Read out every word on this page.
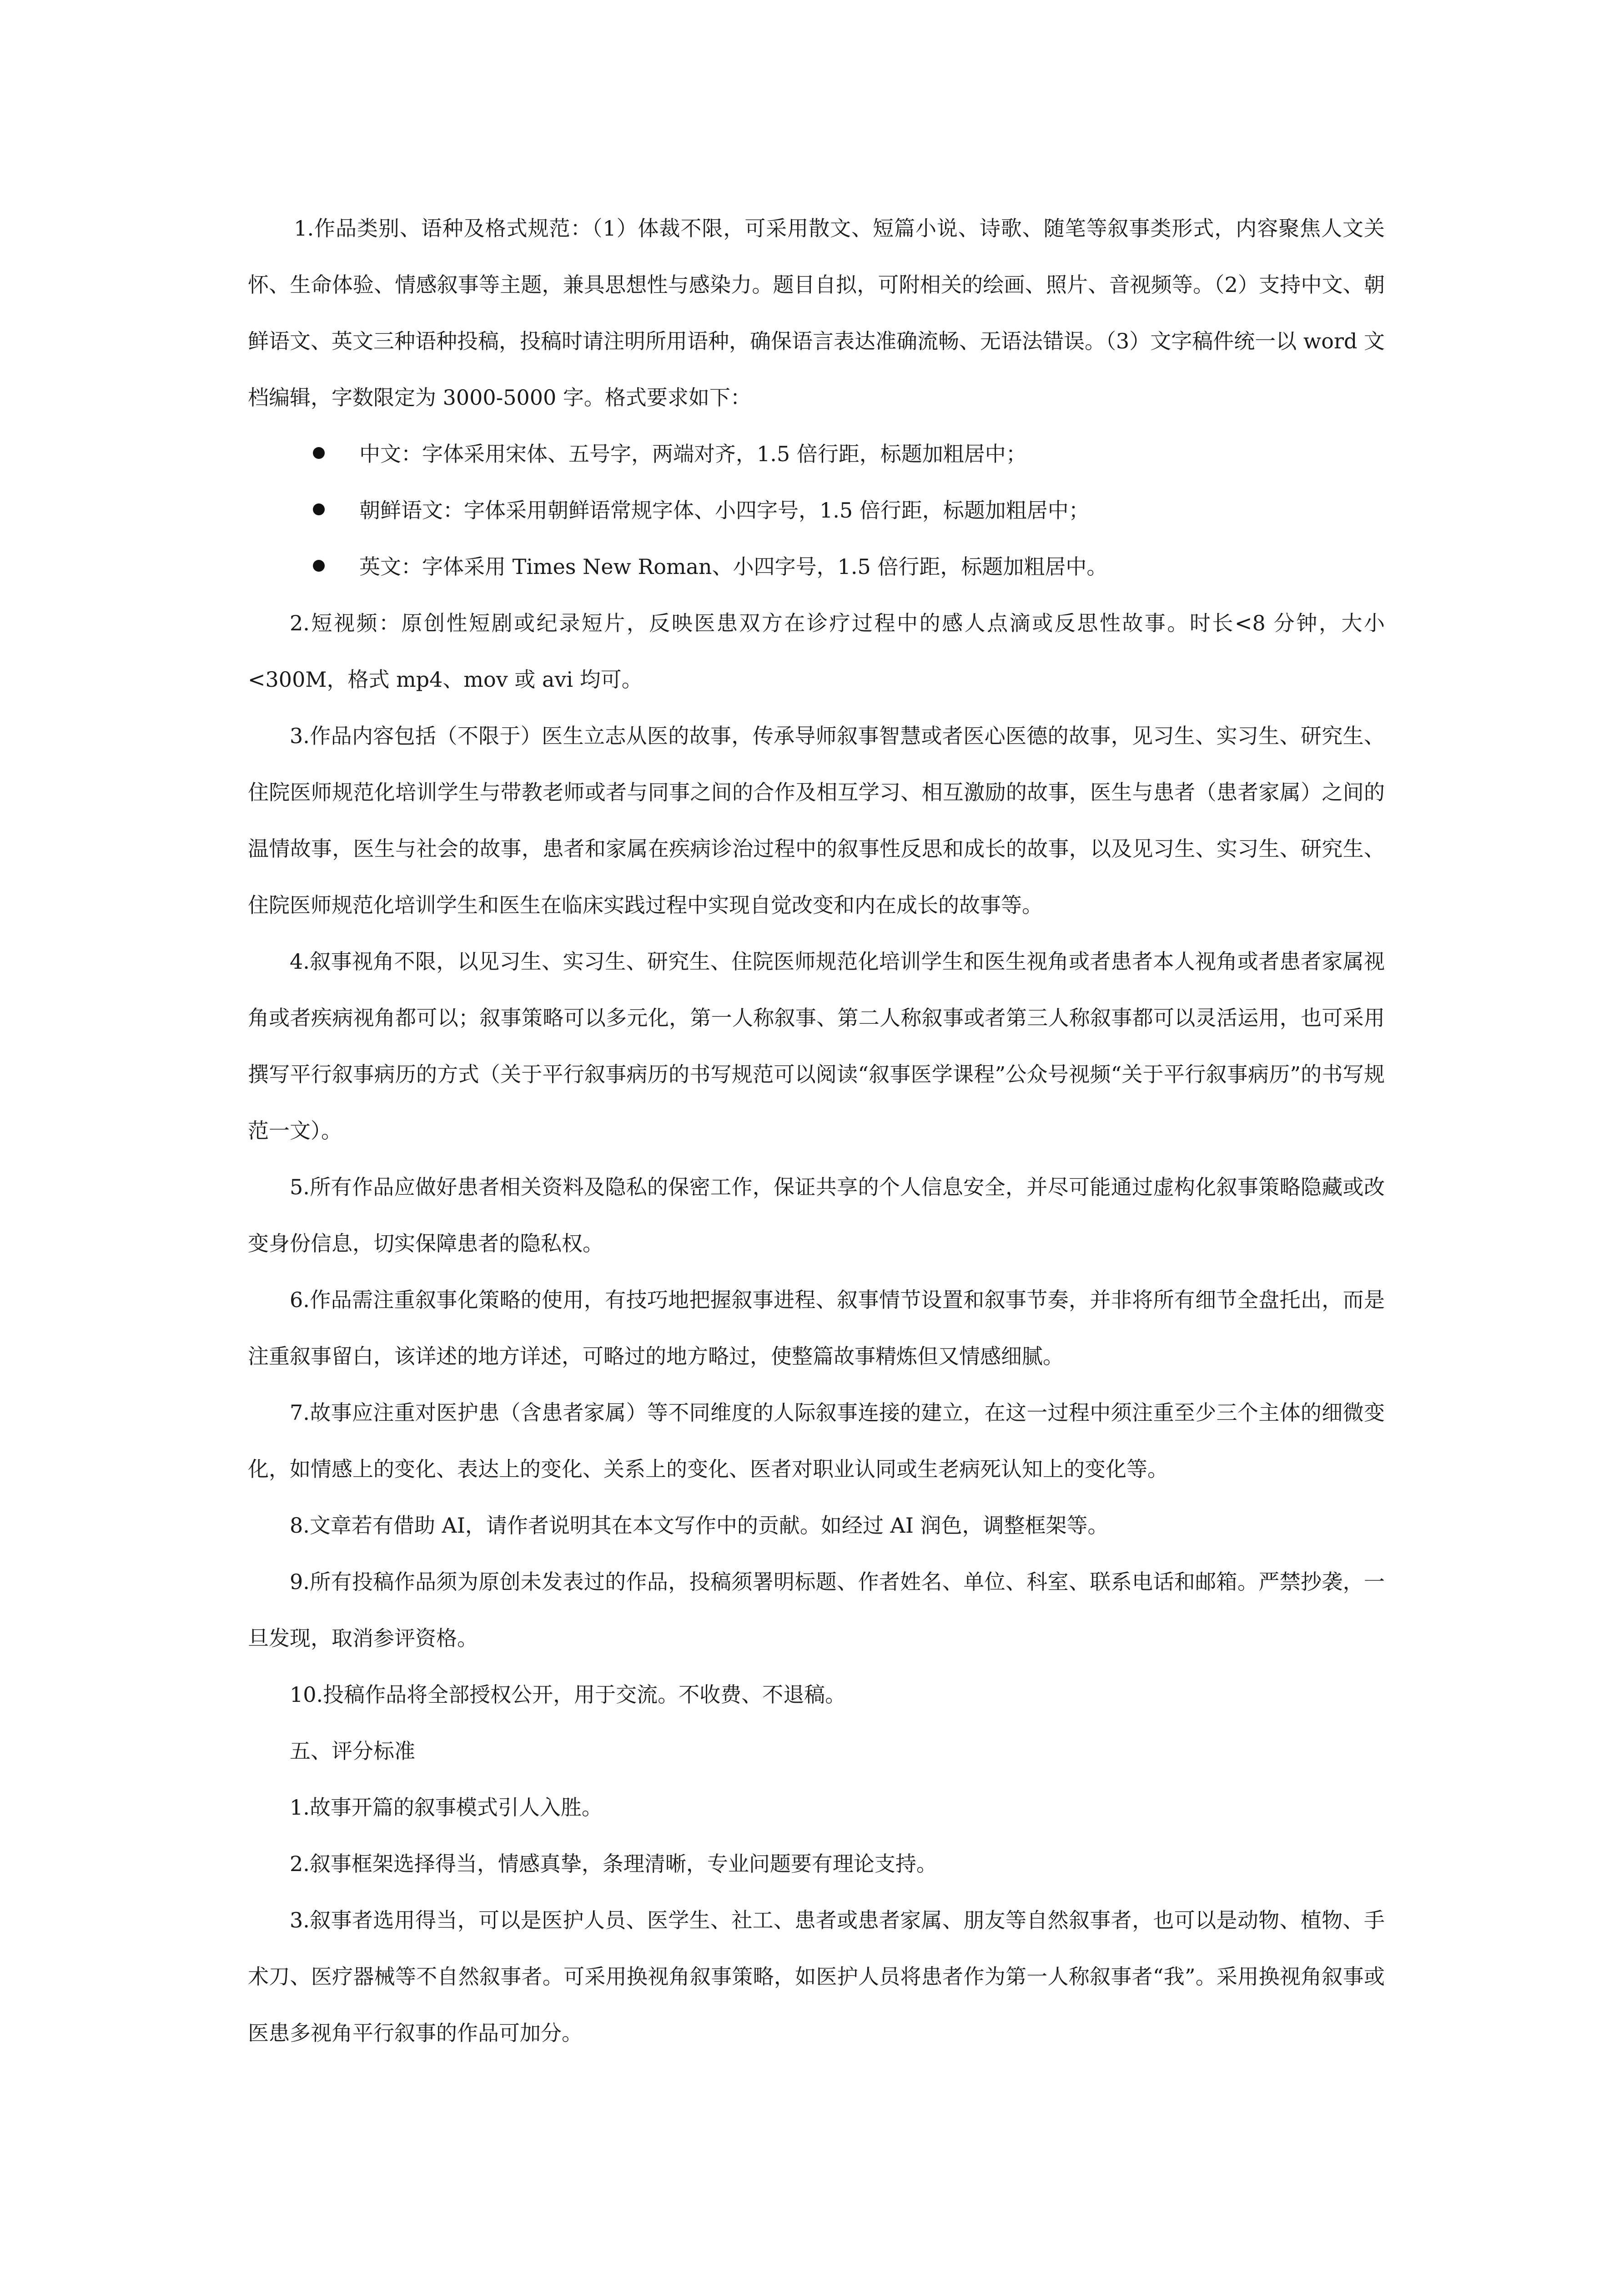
1.作品类别、语种及格式规范：（1）体裁不限，可采用散文、短篇小说、诗歌、随笔等叙事类形式，内容聚焦人文关怀、生命体验、情感叙事等主题，兼具思想性与感染力。题目自拟，可附相关的绘画、照片、音视频等。（2）支持中文、朝鲜语文、英文三种语种投稿，投稿时请注明所用语种，确保语言表达准确流畅、无语法错误。（3）文字稿件统一以 word 文档编辑，字数限定为 3000-5000 字。格式要求如下：

中文：字体采用宋体、五号字，两端对齐，1.5 倍行距，标题加粗居中；
朝鲜语文：字体采用朝鲜语常规字体、小四字号，1.5 倍行距，标题加粗居中；
英文：字体采用 Times New Roman、小四字号，1.5 倍行距，标题加粗居中。

2.短视频：原创性短剧或纪录短片，反映医患双方在诊疗过程中的感人点滴或反思性故事。时长<8 分钟，大小<300M，格式 mp4、mov 或 avi 均可。

3.作品内容包括（不限于）医生立志从医的故事，传承导师叙事智慧或者医心医德的故事，见习生、实习生、研究生、住院医师规范化培训学生与带教老师或者与同事之间的合作及相互学习、相互激励的故事，医生与患者（患者家属）之间的温情故事，医生与社会的故事，患者和家属在疾病诊治过程中的叙事性反思和成长的故事，以及见习生、实习生、研究生、住院医师规范化培训学生和医生在临床实践过程中实现自觉改变和内在成长的故事等。

4.叙事视角不限，以见习生、实习生、研究生、住院医师规范化培训学生和医生视角或者患者本人视角或者患者家属视角或者疾病视角都可以；叙事策略可以多元化，第一人称叙事、第二人称叙事或者第三人称叙事都可以灵活运用，也可采用撰写平行叙事病历的方式（关于平行叙事病历的书写规范可以阅读“叙事医学课程”公众号视频“关于平行叙事病历”的书写规范一文）。

5.所有作品应做好患者相关资料及隐私的保密工作，保证共享的个人信息安全，并尽可能通过虚构化叙事策略隐藏或改变身份信息，切实保障患者的隐私权。

6.作品需注重叙事化策略的使用，有技巧地把握叙事进程、叙事情节设置和叙事节奏，并非将所有细节全盘托出，而是注重叙事留白，该详述的地方详述，可略过的地方略过，使整篇故事精炼但又情感细腻。

7.故事应注重对医护患（含患者家属）等不同维度的人际叙事连接的建立，在这一过程中须注重至少三个主体的细微变化，如情感上的变化、表达上的变化、关系上的变化、医者对职业认同或生老病死认知上的变化等。

8.文章若有借助 AI，请作者说明其在本文写作中的贡献。如经过 AI 润色，调整框架等。

9.所有投稿作品须为原创未发表过的作品，投稿须署明标题、作者姓名、单位、科室、联系电话和邮箱。严禁抄袭，一旦发现，取消参评资格。

10.投稿作品将全部授权公开，用于交流。不收费、不退稿。

五、评分标准

1.故事开篇的叙事模式引人入胜。

2.叙事框架选择得当，情感真挚，条理清晰，专业问题要有理论支持。

3.叙事者选用得当，可以是医护人员、医学生、社工、患者或患者家属、朋友等自然叙事者，也可以是动物、植物、手术刀、医疗器械等不自然叙事者。可采用换视角叙事策略，如医护人员将患者作为第一人称叙事者“我”。采用换视角叙事或医患多视角平行叙事的作品可加分。
